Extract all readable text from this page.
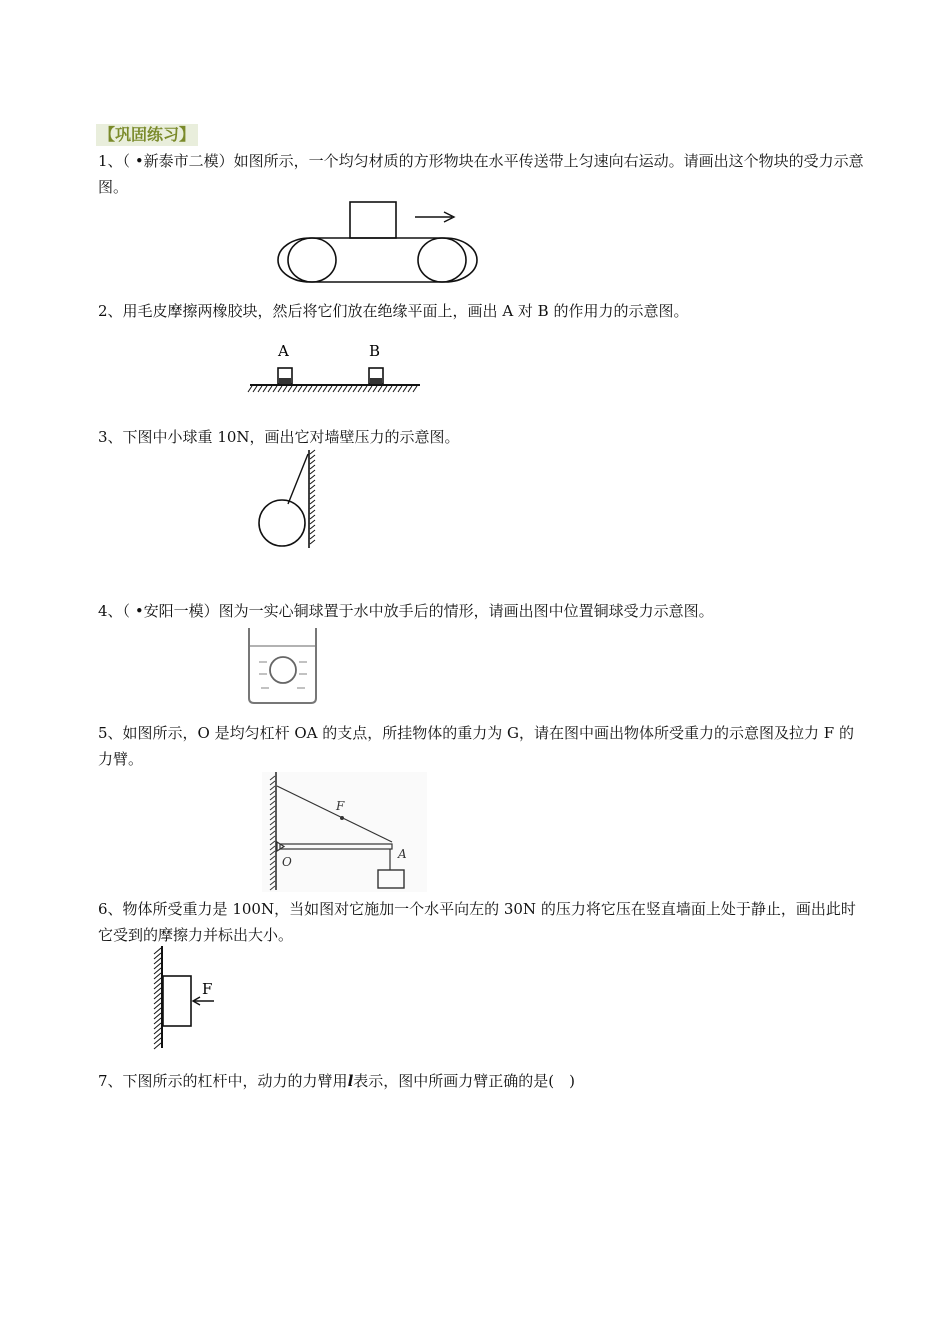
【巩固练习】
1、（ •新泰市二模）如图所示，一个均匀材质的方形物块在水平传送带上匀速向右运动。请画出这个物块的受力示意图。
2、用毛皮摩擦两橡胶块，然后将它们放在绝缘平面上，画出 A 对 B 的作用力的示意图。
A	B
3、下图中小球重 10N，画出它对墙壁压力的示意图。
4、（ •安阳一模）图为一实心铜球置于水中放手后的情形，请画出图中位置铜球受力示意图。
5、如图所示，O 是均匀杠杆 OA 的支点，所挂物体的重力为 G，请在图中画出物体所受重力的示意图及拉力 F 的力臂。
F
O
A
6、物体所受重力是 100N，当如图对它施加一个水平向左的 30N 的压力将它压在竖直墙面上处于静止，画出此时它受到的摩擦力并标出大小。
F
7、下图所示的杠杆中，动力的力臂用l表示，图中所画力臂正确的是(　)
